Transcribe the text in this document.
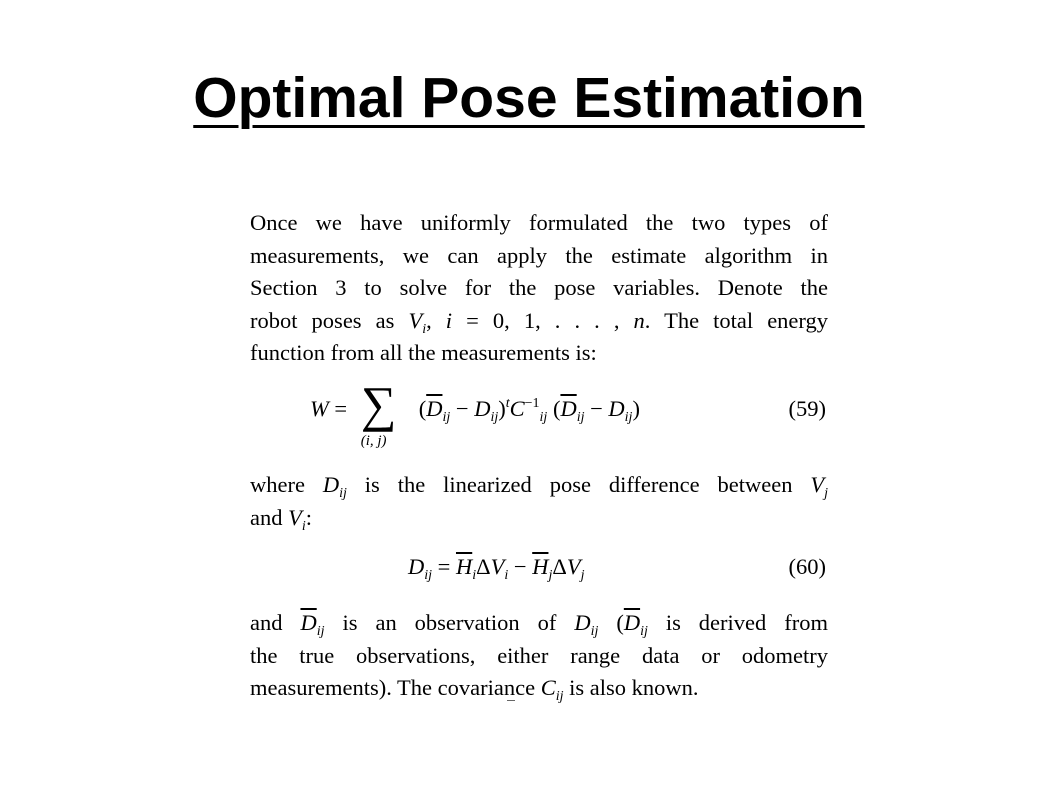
Optimal Pose Estimation

Once we have uniformly formulated the two types of
measurements, we can apply the estimate algorithm in
Section 3 to solve for the pose variables. Denote the
robot poses as $V_i$, i = 0, 1, . . . , n. The total energy
function from all the measurements is:

W = ∑
(i, j)
$(\overline{D}_{ij} - D_{ij})^tC^{-1}_{ij}$ $(\overline{D}_{ij} - D_{ij})$	(59)

where $D_{ij}$ is the linearized pose difference between $V_j$
and $V_i$:

$D_{ij} = \overline{H}_i\Delta V_i - \overline{H}_j\Delta V_j$	(60)

and $\overline{D}_{ij}$ is an observation of $D_{ij}$ ($\overline{D}_{ij}$ is derived from
the true observations, either range data or odometry
measurements). The covariance $C_{ij}$ is also known.
